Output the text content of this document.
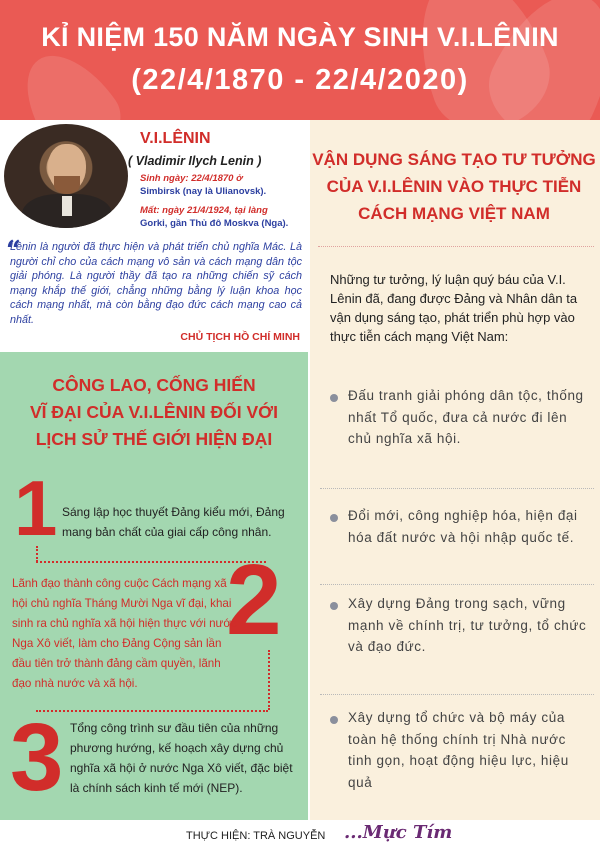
KỈ NIỆM 150 NĂM NGÀY SINH V.I.LÊNIN
(22/4/1870 - 22/4/2020)
V.I.LÊNIN
( Vladimir Ilych Lenin )
Sinh ngày: 22/4/1870 ở
Simbirsk (nay là Ulianovsk).
Mất: ngày 21/4/1924, tại làng
Gorki, gần Thủ đô Moskva (Nga).
“
Lênin là người đã thực hiện và phát triển chủ nghĩa Mác. Là người chỉ cho của cách mạng vô sản và cách mạng dân tộc giải phóng. Là người thầy đã tạo ra những chiến sỹ cách mạng khắp thế giới, chẳng những bằng lý luận khoa học cách mạng nhất, mà còn bằng đạo đức cách mạng cao cả nhất.
CHỦ TỊCH HỒ CHÍ MINH
CÔNG LAO, CỐNG HIẾN
VĨ ĐẠI CỦA V.I.LÊNIN ĐỐI VỚI
LỊCH SỬ THẾ GIỚI HIỆN ĐẠI
1 Sáng lập học thuyết Đảng kiểu mới, Đảng mang bản chất của giai cấp công nhân.
2
Lãnh đạo thành công cuộc Cách mạng xã hội chủ nghĩa Tháng Mười Nga vĩ đại, khai sinh ra chủ nghĩa xã hội hiện thực với nước Nga Xô viết, làm cho Đảng Cộng sản lần đầu tiên trở thành đảng cầm quyền, lãnh đạo nhà nước và xã hội.
3 Tổng công trình sư đầu tiên của những phương hướng, kế hoạch xây dựng chủ nghĩa xã hội ở nước Nga Xô viết, đặc biệt là chính sách kinh tế mới (NEP).
VẬN DỤNG SÁNG TẠO TƯ TƯỞNG
CỦA V.I.LÊNIN VÀO THỰC TIỄN
CÁCH MẠNG VIỆT NAM
Những tư tưởng, lý luận quý báu của V.I. Lênin đã, đang được Đảng và Nhân dân ta vận dụng sáng tạo, phát triển phù hợp vào thực tiễn cách mạng Việt Nam:
Đấu tranh giải phóng dân tộc, thống nhất Tổ quốc, đưa cả nước đi lên chủ nghĩa xã hội.
Đổi mới, công nghiệp hóa, hiện đại hóa đất nước và hội nhập quốc tế.
Xây dựng Đảng trong sạch, vững mạnh về chính trị, tư tưởng, tổ chức và đạo đức.
Xây dựng tổ chức và bộ máy của toàn hệ thống chính trị Nhà nước tinh gọn, hoạt động hiệu lực, hiệu quả
THỰC HIỆN: TRÀ NGUYỄN ...Mực Tím
